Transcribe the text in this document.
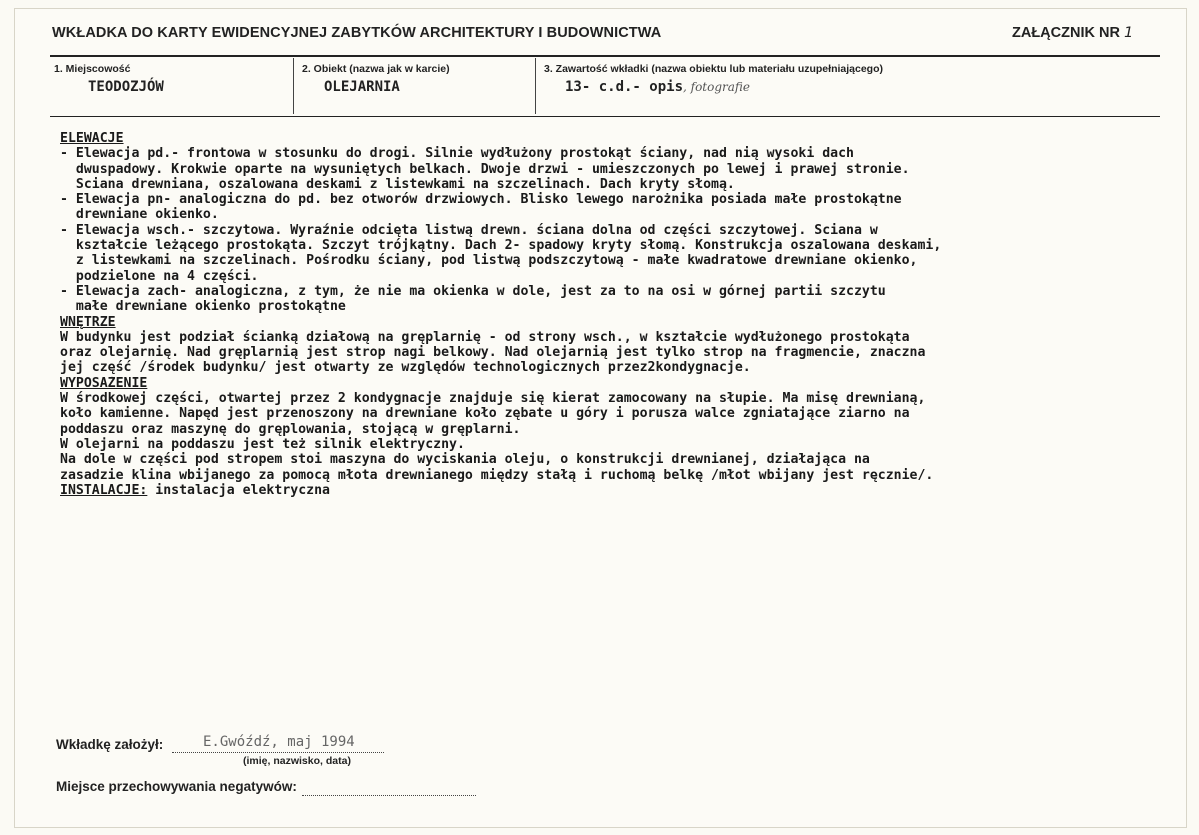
WKŁADKA DO KARTY EWIDENCYJNEJ ZABYTKÓW ARCHITEKTURY I BUDOWNICTWA	ZAŁĄCZNIK NR 1
1. Miejscowość
TEODOZJÓW
2. Obiekt (nazwa jak w karcie)
OLEJARNIA
3. Zawartość wkładki (nazwa obiektu lub materiału uzupełniającego)
13- c.d.- opis, fotografie
ELEWACJE
- Elewacja pd.- frontowa w stosunku do drogi. Silnie wydłużony prostokąt ściany, nad nią wysoki dach
dwuspadowy. Krokwie oparte na wysuniętych belkach. Dwoje drzwi - umieszczonych po lewej i prawej stronie.
Ściana drewniana, oszalowana deskami z listewkami na szczelinach. Dach kryty słomą.
- Elewacja pn- analogiczna do pd. bez otworów drzwiowych. Blisko lewego narożnika posiada małe prostokątne
drewniane okienko.
- Elewacja wsch.- szczytowa. Wyraźnie odcięta listwą drewn. ściana dolna od części szczytowej. Ściana w
kształcie leżącego prostokąta. Szczyt trójkątny. Dach 2- spadowy kryty słomą. Konstrukcja oszalowana deskami,
z listewkami na szczelinach. Pośrodku ściany, pod listwą podszczytową - małe kwadratowe drewniane okienko,
podzielone na 4 części.
- Elewacja zach- analogiczna, z tym, że nie ma okienka w dole, jest za to na osi w górnej partii szczytu
małe drewniane okienko prostokątne
WNĘTRZE
W budynku jest podział ścianką działową na gręplarnię - od strony wsch., w kształcie wydłużonego prostokąta
oraz olejarnię. Nad gręplarnią jest strop nagi belkowy. Nad olejarnią jest tylko strop na fragmencie, znaczna
jej część /środek budynku/ jest otwarty ze względów technologicznych przez2kondygnacje.
WYPOSAŻENIE
W środkowej części, otwartej przez 2 kondygnacje znajduje się kierat zamocowany na słupie. Ma misę drewnianą,
koło kamienne. Napęd jest przenoszony na drewniane koło zębate u góry i porusza walce zgniatające ziarno na
poddaszu oraz maszynę do gręplowania, stojącą w gręplarni.
W olejarni na poddaszu jest też silnik elektryczny.
Na dole w części pod stropem stoi maszyna do wyciskania oleju, o konstrukcji drewnianej, działająca na
zasadzie klina wbijanego za pomocą młota drewnianego między stałą i ruchomą belkę /młot wbijany jest ręcznie/.
INSTALACJE: instalacja elektryczna
Wkładkę założył:	E.Gwóźdź, maj 1994
(imię, nazwisko, data)
Miejsce przechowywania negatywów:
